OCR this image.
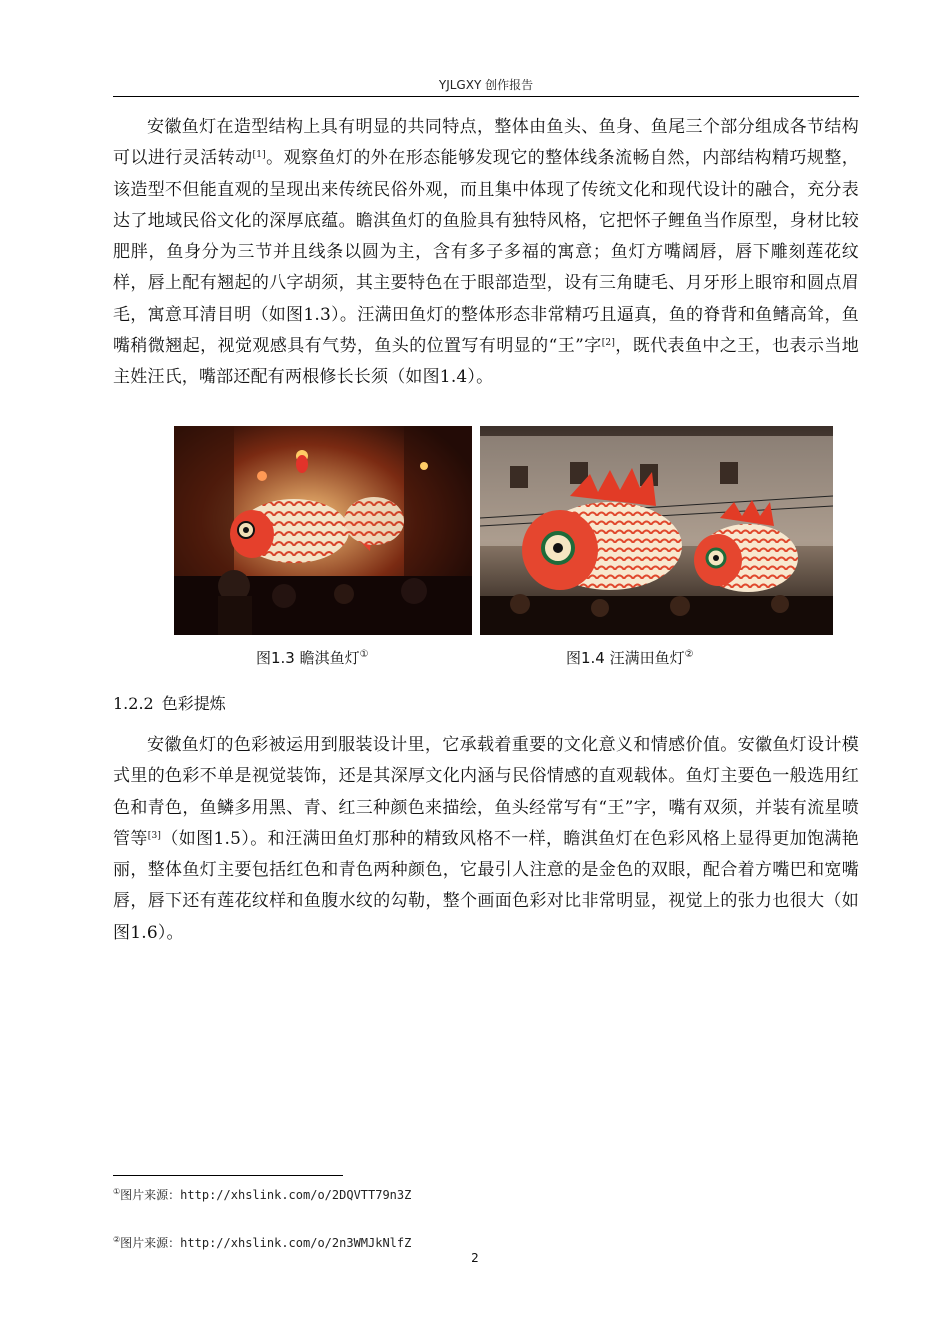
YJLGXY 创作报告

安徽鱼灯在造型结构上具有明显的共同特点，整体由鱼头、鱼身、鱼尾三个部分组成各节结构可以进行灵活转动[1]。观察鱼灯的外在形态能够发现它的整体线条流畅自然，内部结构精巧规整，该造型不但能直观的呈现出来传统民俗外观，而且集中体现了传统文化和现代设计的融合，充分表达了地域民俗文化的深厚底蕴。瞻淇鱼灯的鱼脸具有独特风格，它把怀子鲤鱼当作原型，身材比较肥胖，鱼身分为三节并且线条以圆为主，含有多子多福的寓意；鱼灯方嘴阔唇，唇下雕刻莲花纹样，唇上配有翘起的八字胡须，其主要特色在于眼部造型，设有三角睫毛、月牙形上眼帘和圆点眉毛，寓意耳清目明（如图1.3）。汪满田鱼灯的整体形态非常精巧且逼真，鱼的脊背和鱼鳍高耸，鱼嘴稍微翘起，视觉观感具有气势，鱼头的位置写有明显的“王”字[2]，既代表鱼中之王，也表示当地主姓汪氏，嘴部还配有两根修长长须（如图1.4）。

图1.3 瞻淇鱼灯①	图1.4 汪满田鱼灯②
1.2.2 色彩提炼

安徽鱼灯的色彩被运用到服装设计里，它承载着重要的文化意义和情感价值。安徽鱼灯设计模式里的色彩不单是视觉装饰，还是其深厚文化内涵与民俗情感的直观载体。鱼灯主要色一般选用红色和青色，鱼鳞多用黑、青、红三种颜色来描绘，鱼头经常写有“王”字，嘴有双须，并装有流星喷管等[3]（如图1.5）。和汪满田鱼灯那种的精致风格不一样，瞻淇鱼灯在色彩风格上显得更加饱满艳丽，整体鱼灯主要包括红色和青色两种颜色，它最引人注意的是金色的双眼，配合着方嘴巴和宽嘴唇，唇下还有莲花纹样和鱼腹水纹的勾勒，整个画面色彩对比非常明显，视觉上的张力也很大（如图1.6）。

①图片来源：http://xhslink.com/o/2DQVTT79n3Z
②图片来源：http://xhslink.com/o/2n3WMJkNlfZ
2
